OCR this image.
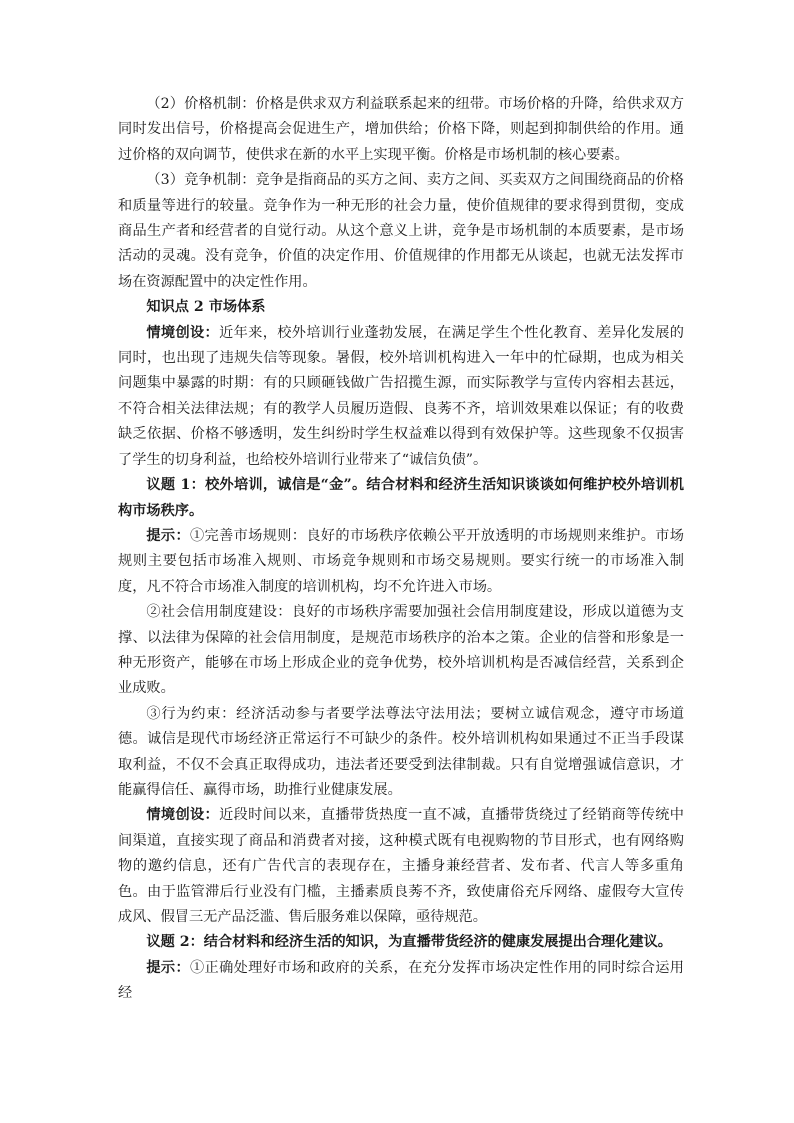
（2）价格机制：价格是供求双方利益联系起来的纽带。市场价格的升降，给供求双方同时发出信号，价格提高会促进生产，增加供给；价格下降，则起到抑制供给的作用。通过价格的双向调节，使供求在新的水平上实现平衡。价格是市场机制的核心要素。

（3）竞争机制：竞争是指商品的买方之间、卖方之间、买卖双方之间围绕商品的价格和质量等进行的较量。竞争作为一种无形的社会力量，使价值规律的要求得到贯彻，变成商品生产者和经营者的自觉行动。从这个意义上讲，竞争是市场机制的本质要素，是市场活动的灵魂。没有竞争，价值的决定作用、价值规律的作用都无从谈起，也就无法发挥市场在资源配置中的决定性作用。

知识点 2 市场体系

情境创设：近年来，校外培训行业蓬勃发展，在满足学生个性化教育、差异化发展的同时，也出现了违规失信等现象。暑假，校外培训机构进入一年中的忙碌期，也成为相关问题集中暴露的时期：有的只顾砸钱做广告招揽生源，而实际教学与宣传内容相去甚远，不符合相关法律法规；有的教学人员履历造假、良莠不齐，培训效果难以保证；有的收费缺乏依据、价格不够透明，发生纠纷时学生权益难以得到有效保护等。这些现象不仅损害了学生的切身利益，也给校外培训行业带来了“诚信负债”。

议题 1：校外培训，诚信是“金”。结合材料和经济生活知识谈谈如何维护校外培训机构市场秩序。

提示：①完善市场规则：良好的市场秩序依赖公平开放透明的市场规则来维护。市场规则主要包括市场准入规则、市场竞争规则和市场交易规则。要实行统一的市场准入制度，凡不符合市场准入制度的培训机构，均不允许进入市场。

②社会信用制度建设：良好的市场秩序需要加强社会信用制度建设，形成以道德为支撑、以法律为保障的社会信用制度，是规范市场秩序的治本之策。企业的信誉和形象是一种无形资产，能够在市场上形成企业的竞争优势，校外培训机构是否减信经营，关系到企业成败。

③行为约束：经济活动参与者要学法尊法守法用法；要树立诚信观念，遵守市场道德。诚信是现代市场经济正常运行不可缺少的条件。校外培训机构如果通过不正当手段谋取利益，不仅不会真正取得成功，违法者还要受到法律制裁。只有自觉增强诚信意识，才能赢得信任、赢得市场，助推行业健康发展。

情境创设：近段时间以来，直播带货热度一直不减，直播带货绕过了经销商等传统中间渠道，直接实现了商品和消费者对接，这种模式既有电视购物的节目形式，也有网络购物的邀约信息，还有广告代言的表现存在，主播身兼经营者、发布者、代言人等多重角色。由于监管滞后行业没有门槛，主播素质良莠不齐，致使庸俗充斥网络、虚假夸大宣传成风、假冒三无产品泛滥、售后服务难以保障，亟待规范。

议题 2：结合材料和经济生活的知识，为直播带货经济的健康发展提出合理化建议。

提示：①正确处理好市场和政府的关系，在充分发挥市场决定性作用的同时综合运用经
